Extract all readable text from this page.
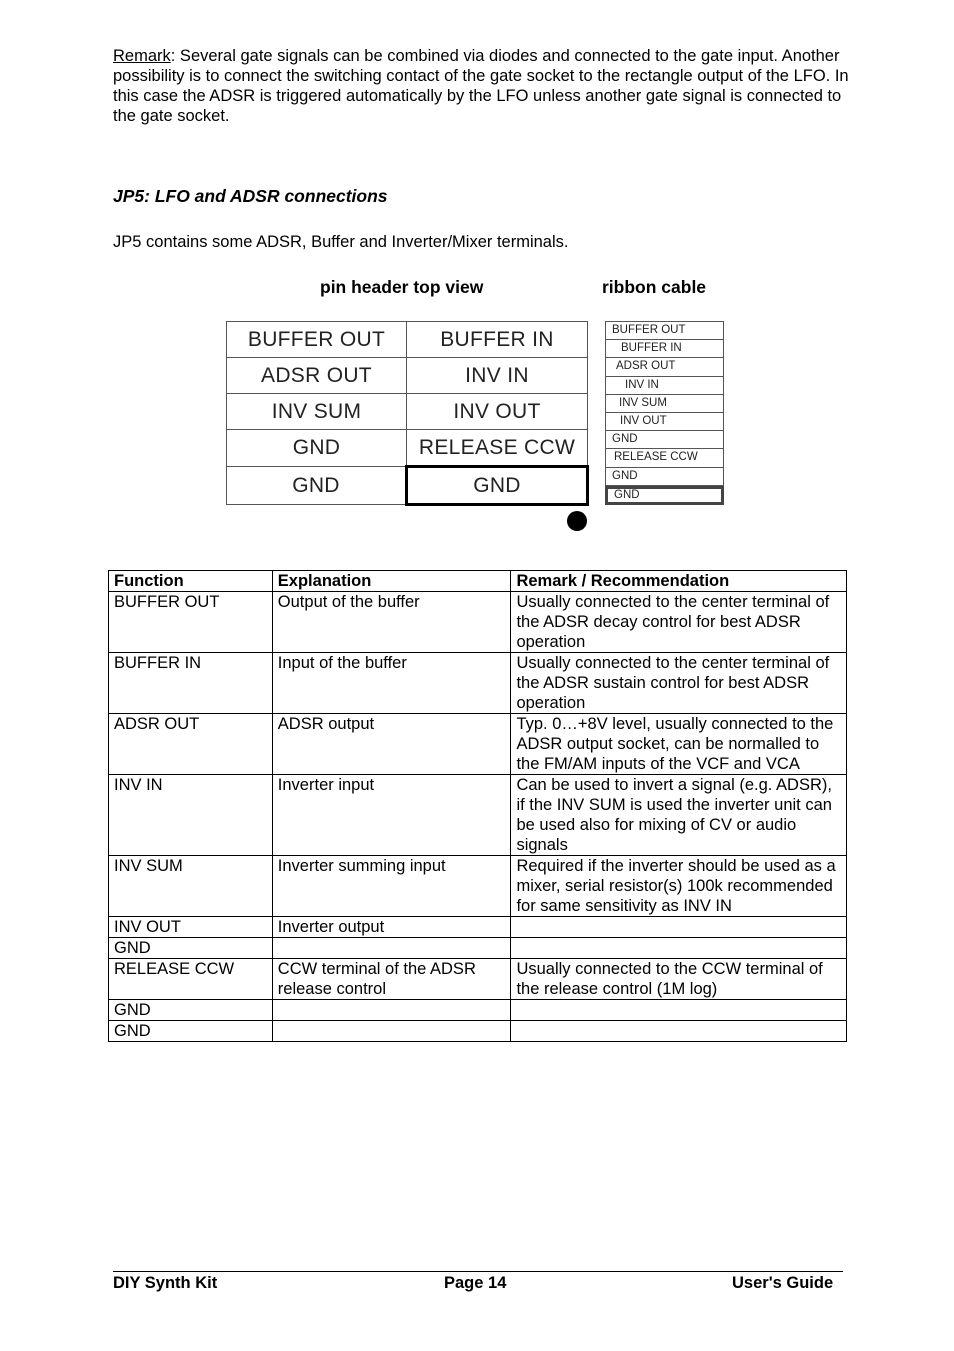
Remark: Several gate signals can be combined via diodes and connected to the gate input. Another possibility is to connect the switching contact of the gate socket to the rectangle output of the LFO. In this case the ADSR is triggered automatically by the LFO unless another gate signal is connected to the gate socket.
JP5: LFO and ADSR connections
JP5 contains some ADSR, Buffer and Inverter/Mixer terminals.
pin header top view	ribbon cable
BUFFER OUT	BUFFER IN
ADSR OUT	INV IN
INV SUM	INV OUT
GND	RELEASE CCW
GND	GND
BUFFER OUT
BUFFER IN
ADSR OUT
INV IN
INV SUM
INV OUT
GND
RELEASE CCW
GND
GND
Function	Explanation	Remark / Recommendation
BUFFER OUT	Output of the buffer	Usually connected to the center terminal of the ADSR decay control for best ADSR operation
BUFFER IN	Input of the buffer	Usually connected to the center terminal of the ADSR sustain control for best ADSR operation
ADSR OUT	ADSR output	Typ. 0…+8V level, usually connected to the ADSR output socket, can be normalled to the FM/AM inputs of the VCF and VCA
INV IN	Inverter input	Can be used to invert a signal (e.g. ADSR), if the INV SUM is used the inverter unit can be used also for mixing of CV or audio signals
INV SUM	Inverter summing input	Required if the inverter should be used as a mixer, serial resistor(s) 100k recommended for same sensitivity as INV IN
INV OUT	Inverter output	
GND		
RELEASE CCW	CCW terminal of the ADSR release control	Usually connected to the CCW terminal of the release control (1M log)
GND		
GND		
DIY Synth Kit	Page 14	User's Guide
